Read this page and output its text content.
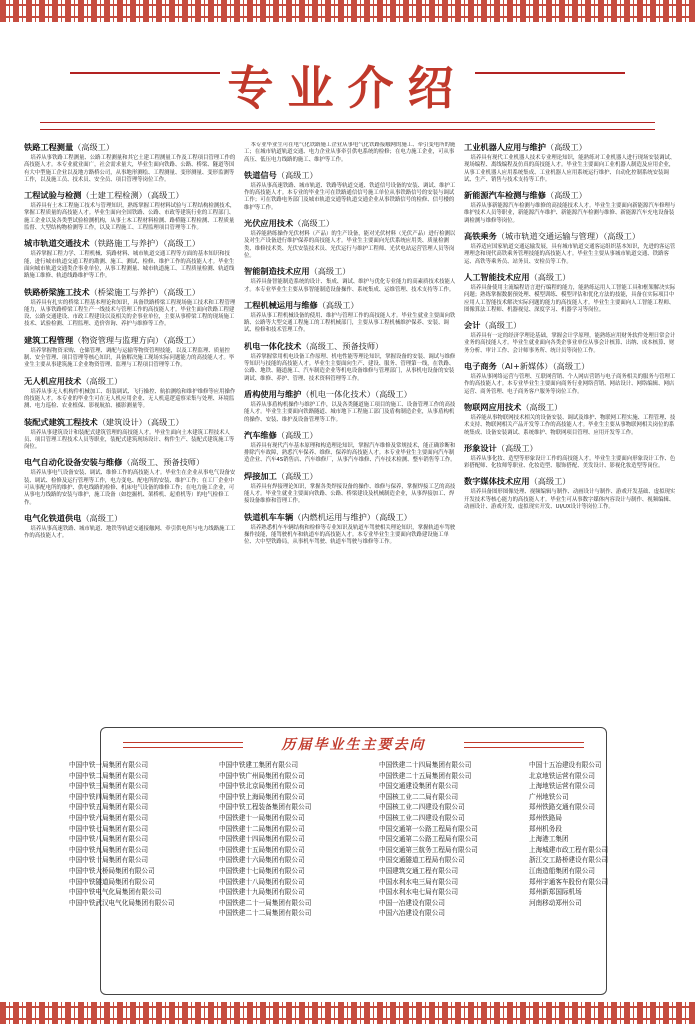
专业介绍
铁路工程测量（高级工）

培养从事铁路工程测量、公路工程测量和其它土建工程测量工作及工程项目管理工作的高技能人才。本专业就业面广，社会需求量大，毕业生面向铁路、公路、桥梁、隧道等国有大中型施工企业以及地方路桥公司，从事地形测绘、工程测量、变形测量、变形监测等工作，以及施工员、技术员、安全员、项目管理等岗位工作。

工程试验与检测（土建工程检测）（高级工）

培养具有土木工程施工技术与管理知识，熟练掌握工程材料试验与工程结构检测技术，掌握工程质量的高技能人才。毕业生面向全国铁路、公路、市政等建筑行业的工程部门、施工企业以及各类型试验检测机构，从事土木工程材料检测、路桥隧工程检测、工程质量监督、大型结构物检测等工作，以及工程施工、工程监理项目管理等工作。

城市轨道交通技术（铁路施工与养护）（高级工）

培养掌握工程力学、工程机械、筑路材料、城市轨道交通工程等方面的基本知识和技能，进行城市轨道交通工程的勘测、施工、测试、检修、维护工作的高技能人才。毕业生面向城市轨道交通类企事业单位，从事工程测量、城市轨道施工、工程质量检测、轨道线路施工维修、轨道线路维护等工作。

铁路桥梁施工技术（桥梁施工与养护）（高级工）

培养具有扎实的桥梁工程基本理论和知识，具备铁路桥梁工程现场施工技术和工程管理能力，从事铁路桥梁工程生产一线技术与管理工作的高技能人才。毕业生面向铁路工程建设、公路交通建设、市政工程建设以及相关的企事业单位，主要从事桥梁工程的现场施工技术、试验检测、工程监理、造价咨询、养护与维修等工作。

建筑工程管理（物资管理与监理方向）（高级工）

培养掌握物资采购、仓储管理、调配与运输等物资管理技能，以及工程监理、质量控制、安全管理、项目管理等核心知识，具备解决施工现场实际问题能力的高技能人才。毕业生主要从事建筑施工企业物资管理、监理与工程项目管理等工作。

无人机应用技术（高级工）

培养从事无人机构件机械加工、组装调试、飞行操控、航拍测绘和维护维修等应用操作的技能人才。本专业的毕业生可在无人机应用企业、无人机巡逻巡察采集与处理、环境监测、电力巡检、农业植保、影视航拍、摄影测量等。

装配式建筑工程技术（建筑设计）（高级工）

培养从事建筑设计和装配式建筑管理的高技能人才。毕业生面向土木建筑工程技术人员、项目管理工程技术人员等职业，装配式建筑现场设计、构件生产、装配式建筑施工等岗位。

电气自动化设备安装与维修（高级工、预备技师）

培养从事电气设备安装、调试、维修工作的高技能人才。毕业生在企业从事电气设备安装、调试、检修及运行管理等工作，电力变电、配电所的安装、维护工作；在工厂企业中可从事配电所的维护、供电线路的检修、机床电气设备的维修工作；在电力施工企业，可从事电力线路的安装与维护，施工设备（如挖掘机、架桥机、起重机等）的电气检修工作。

电气化铁道供电（高级工）

培养从事高速铁路、城市轨道、地铁等轨道交通接触网、牵引供电所与电力线路施工工作的高技能人才。

本专业毕业生可在电气化铁路施工企业从事电气化铁路接触网的施工、牵引变电所的施工；在城市轨道轨道交通、电力企业从事牵引供电系统的检修；在电力施工企业，可从事高压、低压电力线路的施工、维护等工作。

铁道信号（高级工）

培养从事高速铁路、城市轨道、铁路等轨道交通、铁道信号设备的安装、调试、维护工作的高技能人才。本专业的毕业生可在铁路通信信号施工单位从事铁路信号的安装与调试工作；可在铁路电务部门及城市轨道交通等轨道交通企业从事铁路信号的检修、信号楼的维护等工作。

光伏应用技术（高级工）

培养能熟练操作光伏材料（产品）的生产设备，能对光伏材料（光伏产品）进行检测以及对生产设备进行维护保养的高技能人才。毕业生主要面向光伏系统应用类、质量检测类、维修技术类、光伏安装技术员、光伏运行与维护工程师、光伏电站运营管理人员等岗位。

智能制造技术应用（高级工）

培养具备智能制造系统的设计、集成、调试、维护与优化专业能力的高素质技术技能人才。本专业毕业生主要从事智能制造设备操作、系统集成、运维管理、技术支持等工作。

工程机械运用与维修（高级工）

培养从事工程机械设备的使用、维护与管理工作的高技能人才。毕业生就业主要面向铁路、公路等大型交通工程施工的工程机械部门，主要从事工程机械维护保养、安装、调试、检修和技术管理工作。

机电一体化技术（高级工、预备技师）

培养掌握常用机电设备工作原理、机电性能等理论知识，掌握设备的安装、调试与维修等知识与技能的高技能人才。毕业生主要面向生产、建设、服务、管理第一线，在铁路、公路、地铁、隧道施工、汽车制造企业等机电设备维修与管理部门，从事机电设备的安装调试、维修、养护、管理、技术资料管理等工作。

盾构使用与维护（机电一体化技术）（高级工）

培养从事盾构机操作与维护工作，以及各类隧道施工项目的施工、设备管理工作的高技能人才。毕业生主要面向铁路隧道、城市地下工程施工部门及盾构制造企业，从事盾构机的操作、安装、维护及设备管理等工作。

汽车维修（高级工）

培养具有现代汽车基本原理和构造理论知识，掌握汽车维修及常规技术，能正确诊断和排除汽车故障，熟悉汽车保养、维修、保养的高技能人才。本专业毕业生主要面向汽车制造企业、汽车4S销售店、汽车维修厂，从事汽车维修、汽车技术检测、整车销售等工作。

焊接加工（高级工）

培养具有焊接理论知识，掌握各类焊接设备的操作、维修与保养，掌握焊接工艺的高技能人才。毕业生就业主要面向铁路、公路、桥梁建设及机械制造企业，从事焊接加工、焊接设备维修和管理工作。

铁道机车车辆（内燃机运用与维护）（高级工）

培养熟悉机车车辆结构和检修等专业知识及轨道车驾驶相关理论知识，掌握轨道车驾驶操作技能，能驾驶机车和轨道车的高技能人才。本专业毕业生主要面向铁路建设施工单位、大中型铁路局，从事机车驾驶、轨道车驾驶与维修等工作。

工业机器人应用与维护（高级工）

培养具有现代工业机器人技术专业理论知识，能熟练对工业机器人进行现场安装调试、现场编程、离线编程及仿真的高技能人才。毕业生主要面向工业机器人制造及应用企业，从事工业机器人应用系统集成、工业机器人应用系统运行维护、自动化控制系统安装调试、生产、销售与技术支持等工作。

新能源汽车检测与维修（高级工）

培养从事新能源汽车检测与维修的高技能技术人才。毕业生主要面向新能源汽车修理与维护技术人员等职业，新能源汽车维护、新能源汽车检测与维修、新能源汽车充电设备装调检测与维修等岗位。

高铁乘务（城市轨道交通运输与管理）（高级工）

培养适应国家轨道交通运输发展，具有城市轨道交通客运组织基本知识，先进的客运管理理念和现代高铁乘务管理技能的高技能人才。毕业生主要从事城市轨道交通、铁路客运、高铁等乘务员、站务员、安检员等工作。

人工智能技术应用（高级工）

培养具备使用主流编程语言进行编程的能力，能熟练运用人工智能工具和框架解决实际问题；熟练掌握数据预处理、模型训练、模型评估和优化方法的技能，具备在实际项目中应用人工智能技术解决实际问题的能力的高技能人才。毕业生主要面向人工智能工程师、图像算法工程师、机器视觉、深度学习、机器学习等岗位。

会计（高级工）

培养具有一定的经济学理论基础，掌握会计学原理，能熟练应用财务软件处理日常会计业务的高技能人才。毕业生就业面向各类企事业单位从事会计核算、出纳、成本核算、财务分析、审计工作、会计师事务所、统计员等岗位工作。

电子商务（AI+新媒体）（高级工）

培养从事网络运营与管理、互联网营销、个人网店营销与电子商务相关的服务与管理工作的高技能人才。本专业毕业生主要面向商务行业网络营销、网站设计、网络编辑、网店运营、商务管理、电子商务客户服务等岗位工作。

物联网应用技术（高级工）

培养能从事物联网技术相关的设备安装、调试及维护、物联网工程实施、工程管理、技术支持、物联网相关产品开发等工作的高技能人才。毕业生主要从事物联网相关岗位的系统集成、设备安装调试、系统维护、物联网项目管理、应用开发等工作。

形象设计（高级工）

培养从事化妆、造型等形象设计工作的高技能人才。毕业生主要面向形象设计工作、色彩搭配师、化妆师等职业、化妆造型、服饰搭配、美发设计、影视化妆造型等岗位。

数字媒体技术应用（高级工）

培养具备图形图像处理、视频编辑与制作、动画设计与制作、游戏开发基础、虚拟现实开发技术等核心能力的高技能人才。毕业生可从事数字媒体内容设计与制作、视频编辑、动画设计、游戏开发、虚拟现实开发、UI/UX设计等岗位工作。

历届毕业生主要去向
中国中铁一局集团有限公司
中国中铁二局集团有限公司
中国中铁三局集团有限公司
中国中铁四局集团有限公司
中国中铁五局集团有限公司
中国中铁六局集团有限公司
中国中铁七局集团有限公司
中国中铁八局集团有限公司
中国中铁九局集团有限公司
中国中铁十局集团有限公司
中国中铁大桥局集团有限公司
中国中铁隧道局集团有限公司
中国中铁电气化局集团有限公司
中国中铁武汉电气化局集团有限公司
中国中铁建工集团有限公司
中国中铁广州局集团有限公司
中国中铁北京局集团有限公司
中国中铁上海局集团有限公司
中国中铁工程装备集团有限公司
中国铁建十一局集团有限公司
中国铁建十二局集团有限公司
中国铁建十四局集团有限公司
中国铁建十五局集团有限公司
中国铁建十六局集团有限公司
中国铁建十七局集团有限公司
中国铁建十八局集团有限公司
中国铁建十九局集团有限公司
中国铁建二十一局集团有限公司
中国铁建二十二局集团有限公司
中国铁建二十四局集团有限公司
中国铁建二十五局集团有限公司
中国交通建设集团有限公司
中国核工业二二局有限公司
中国核工业二四建设有限公司
中国核工业二四建设有限公司
中国交通第一公路工程局有限公司
中国交通第二公路工程局有限公司
中国交通第三航务工程局有限公司
中国交通隧道工程局有限公司
中国建筑交通工程有限公司
中国水利水电三局有限公司
中国水利水电七局有限公司
中国一冶建设有限公司
中国六冶建设有限公司
中国十五冶建设有限公司
北京地铁运营有限公司
上海地铁运营有限公司
广州地铁公司
郑州铁路交通有限公司
郑州铁路局
郑州机务段
上海港工集团
上海城建市政工程有限公司
浙江交工路桥建设有限公司
江南造船集团有限公司
郑州宇通客车股份有限公司
郑州新郑国际机场
河南移动郑州公司
